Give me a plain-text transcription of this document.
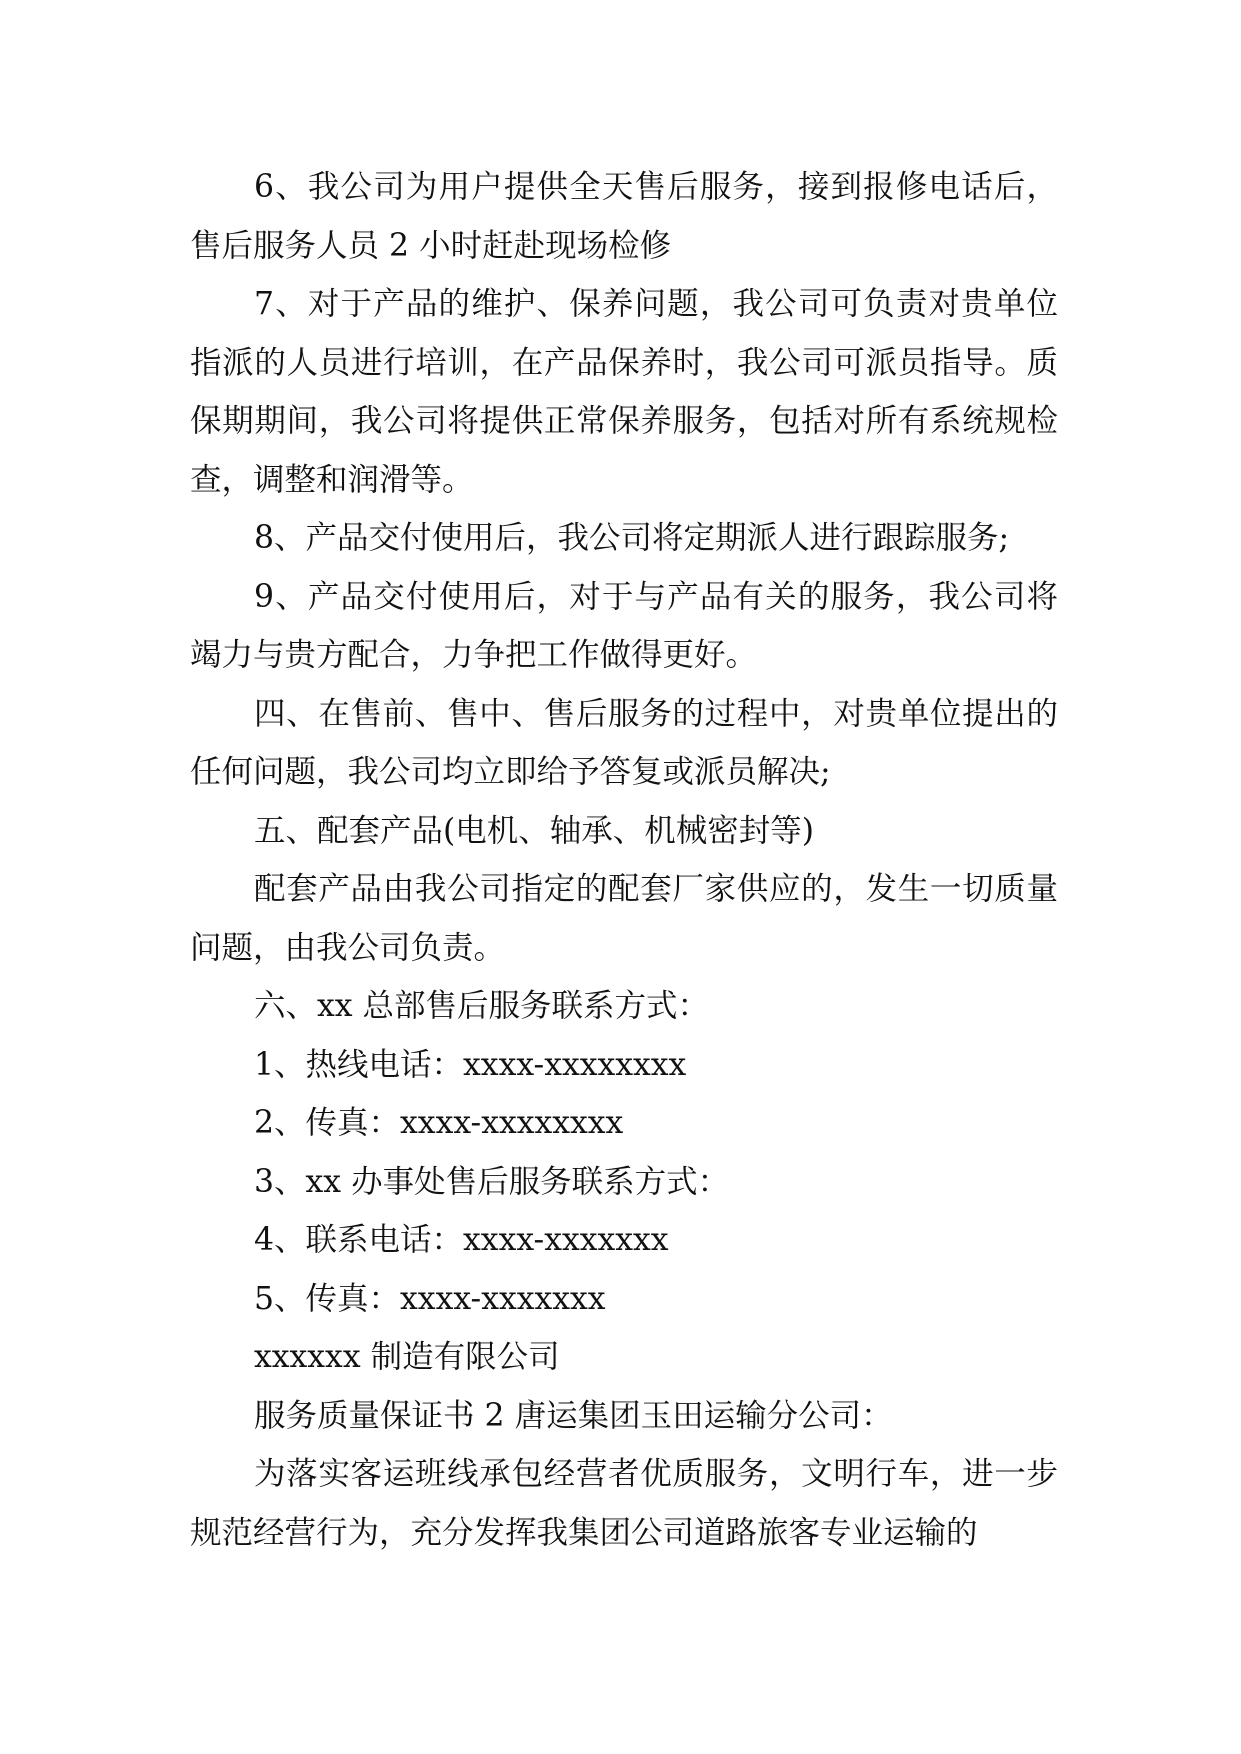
6、我公司为用户提供全天售后服务，接到报修电话后，售后服务人员 2 小时赶赴现场检修

7、对于产品的维护、保养问题，我公司可负责对贵单位指派的人员进行培训，在产品保养时，我公司可派员指导。质保期期间，我公司将提供正常保养服务，包括对所有系统规检查，调整和润滑等。

8、产品交付使用后，我公司将定期派人进行跟踪服务;

9、产品交付使用后，对于与产品有关的服务，我公司将竭力与贵方配合，力争把工作做得更好。

四、在售前、售中、售后服务的过程中，对贵单位提出的任何问题，我公司均立即给予答复或派员解决;

五、配套产品(电机、轴承、机械密封等)

配套产品由我公司指定的配套厂家供应的，发生一切质量问题，由我公司负责。

六、xx 总部售后服务联系方式：

1、热线电话：xxxx-xxxxxxxx

2、传真：xxxx-xxxxxxxx

3、xx 办事处售后服务联系方式：

4、联系电话：xxxx-xxxxxxx

5、传真：xxxx-xxxxxxx

xxxxxx 制造有限公司

服务质量保证书 2 唐运集团玉田运输分公司：

为落实客运班线承包经营者优质服务，文明行车，进一步规范经营行为，充分发挥我集团公司道路旅客专业运输的
